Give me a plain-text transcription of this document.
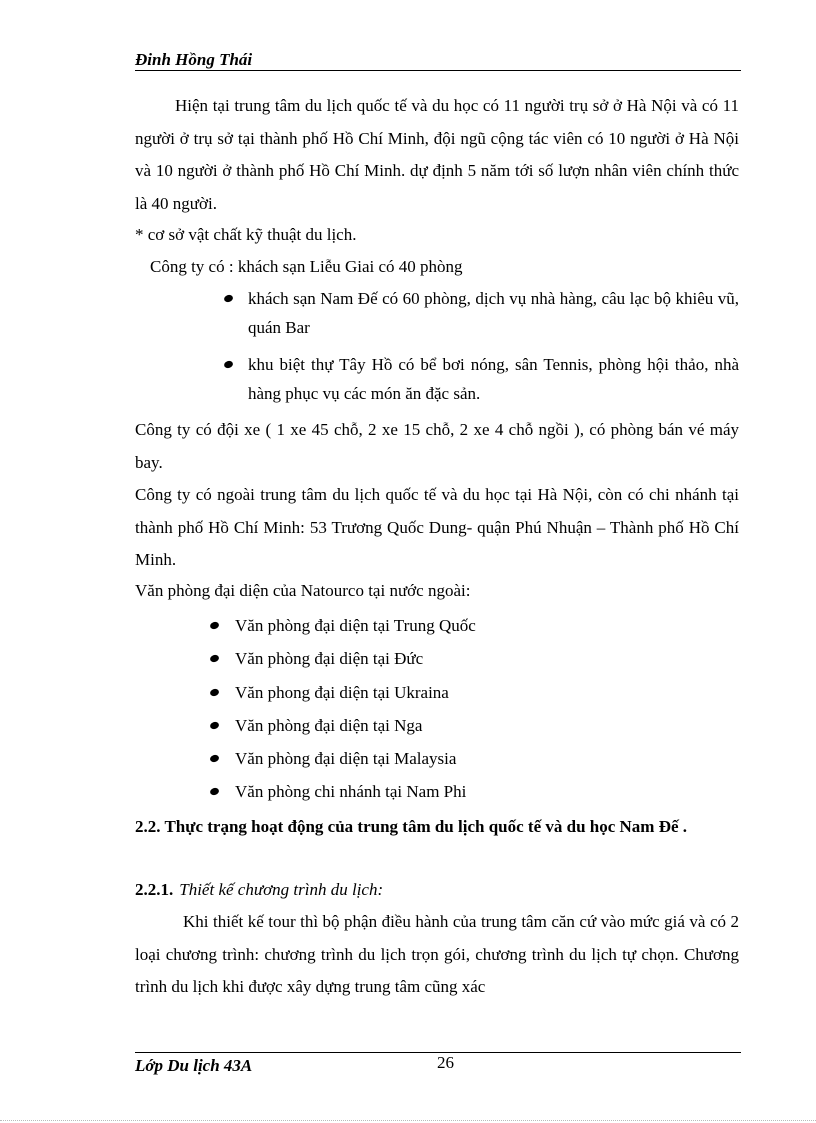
Đinh Hồng Thái

Hiện tại trung tâm du lịch quốc tế và du học có 11 người trụ sở ở Hà Nội và có 11 người ở trụ sở tại thành phố Hồ Chí Minh, đội ngũ cộng tác viên có 10 người ở Hà Nội và 10 người ở thành phố Hồ Chí Minh. dự định 5 năm tới số lượn nhân viên chính thức là 40 người.

* cơ sở vật chất kỹ thuật du lịch.

Công ty có : khách sạn Liễu Giai có 40 phòng

khách sạn Nam Đế có 60 phòng, dịch vụ nhà hàng, câu lạc bộ khiêu vũ, quán Bar
khu biệt thự Tây Hồ có bể bơi nóng, sân Tennis, phòng hội thảo, nhà hàng phục vụ các món ăn đặc sản.

Công ty có đội xe ( 1 xe 45 chỗ, 2 xe 15 chỗ, 2 xe 4 chỗ ngồi ), có phòng bán vé máy bay.

Công ty có ngoài trung tâm du lịch quốc tế và du học tại Hà Nội, còn có chi nhánh tại thành phố Hồ Chí Minh: 53 Trương Quốc Dung- quận Phú Nhuận – Thành phố Hồ Chí Minh.

Văn phòng đại diện của Natourco tại nước ngoài:

Văn phòng đại diện tại Trung Quốc
Văn phòng đại diện tại Đức
Văn phong đại diện tại Ukraina
Văn phòng đại diện tại Nga
Văn phòng đại diện tại Malaysia
Văn phòng chi nhánh tại Nam Phi

2.2. Thực trạng hoạt động của trung tâm du lịch quốc tế và du học Nam Đế .

2.2.1. Thiết kế chương trình du lịch:

Khi thiết kế tour thì bộ phận điều hành của trung tâm căn cứ vào mức giá và có 2 loại chương trình: chương trình du lịch trọn gói, chương trình du lịch tự chọn. Chương trình du lịch khi được xây dựng trung tâm cũng xác

Lớp Du lịch 43A	26
